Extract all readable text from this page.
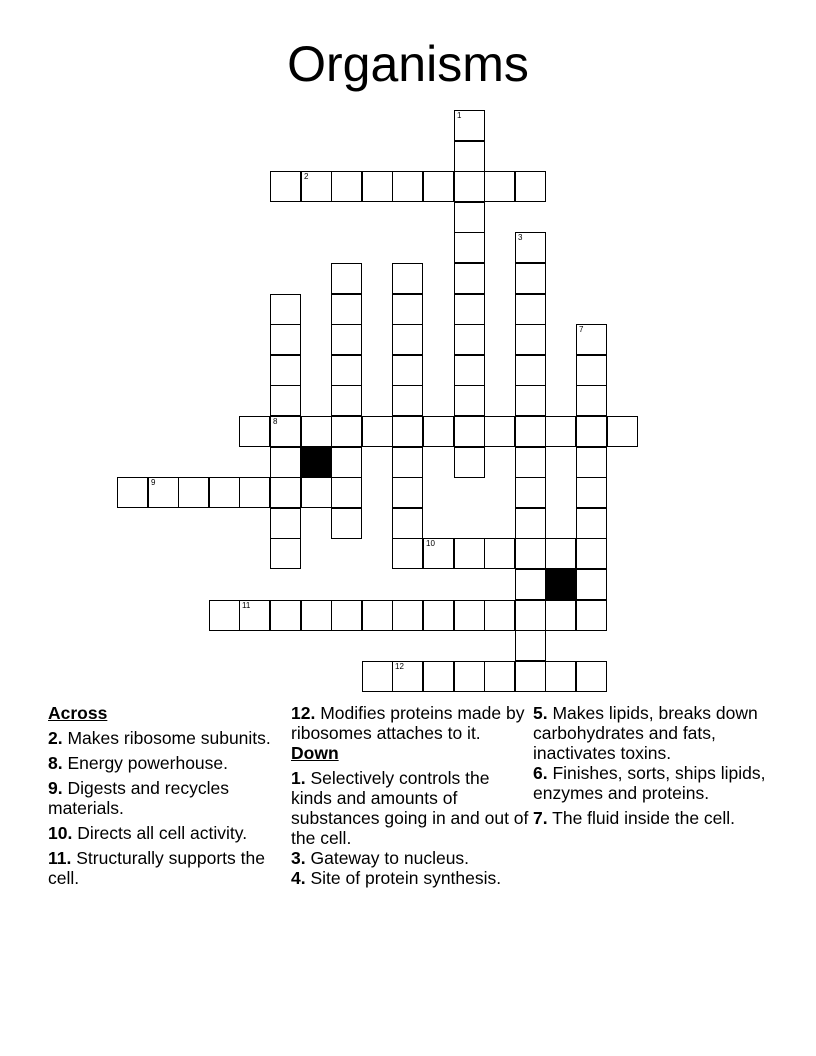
Organisms
1
2
3
8
7
9
10
11
12
Across
2. Makes ribosome subunits.
8. Energy powerhouse.
9. Digests and recycles materials.
10. Directs all cell activity.
11. Structurally supports the cell.
12. Modifies proteins made by ribosomes attaches to it.
Down
1. Selectively controls the kinds and amounts of substances going in and out of the cell.
3. Gateway to nucleus.
4. Site of protein synthesis.
5. Makes lipids, breaks down carbohydrates and fats, inactivates toxins.
6. Finishes, sorts, ships lipids, enzymes and proteins.
7. The fluid inside the cell.
